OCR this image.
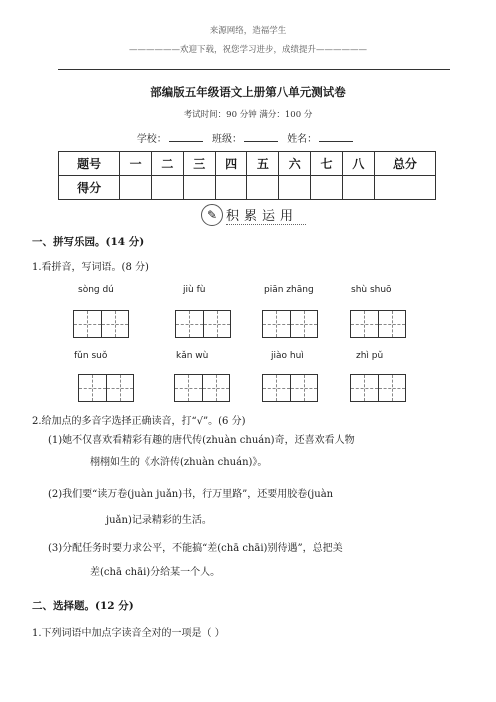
来源网络，造福学生
——————欢迎下载，祝您学习进步，成绩提升——————
部编版五年级语文上册第八单元测试卷
考试时间：90 分钟 满分：100 分
学校：	班级：	姓名：
题号	一	二	三	四	五	六	七	八	总分
得分									
✎ 积累运用
一、拼写乐园。(14 分)
1.看拼音，写词语。(8 分)
sònɡ dú	jiù fù	piān zhānɡ	shù shuō
fǔn suǒ	kǎn wù	jiào huì	zhì pǔ
2.给加点的多音字选择正确读音，打“√”。(6 分)
(1)她不仅喜欢看精彩有趣的唐代传(zhuàn chuán)奇，还喜欢看人物
栩栩如生的《水浒传(zhuàn chuán)》。
(2)我们要“读万卷(juàn juǎn)书，行万里路”，还要用胶卷(juàn
juǎn)记录精彩的生活。
(3)分配任务时要力求公平，不能搞“差(chā chāi)别待遇”，总把美
差(chā chāi)分给某一个人。
二、选择题。(12 分)
1.下列词语中加点字读音全对的一项是（ ）
